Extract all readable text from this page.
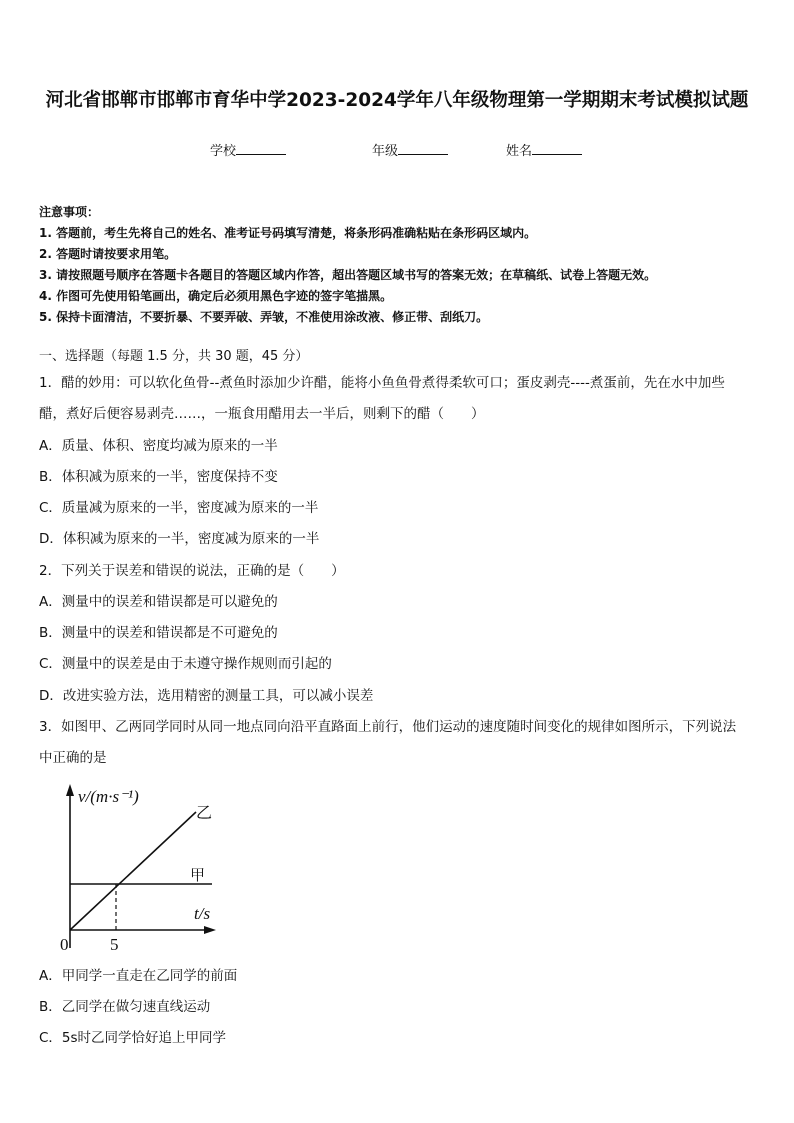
河北省邯郸市邯郸市育华中学2023-2024学年八年级物理第一学期期末考试模拟试题
学校	年级	姓名
注意事项：
1. 答题前，考生先将自己的姓名、准考证号码填写清楚，将条形码准确粘贴在条形码区域内。
2. 答题时请按要求用笔。
3. 请按照题号顺序在答题卡各题目的答题区域内作答，超出答题区域书写的答案无效；在草稿纸、试卷上答题无效。
4. 作图可先使用铅笔画出，确定后必须用黑色字迹的签字笔描黑。
5. 保持卡面清洁，不要折暴、不要弄破、弄皱，不准使用涂改液、修正带、刮纸刀。
一、选择题（每题 1.5 分，共 30 题，45 分）
1．醋的妙用：可以软化鱼骨--煮鱼时添加少许醋，能将小鱼鱼骨煮得柔软可口；蛋皮剥壳----煮蛋前，先在水中加些
醋，煮好后便容易剥壳……，一瓶食用醋用去一半后，则剩下的醋（　　）
A．质量、体积、密度均减为原来的一半
B．体积减为原来的一半，密度保持不变
C．质量减为原来的一半，密度减为原来的一半
D．体积减为原来的一半，密度减为原来的一半
2．下列关于误差和错误的说法，正确的是（　　）
A．测量中的误差和错误都是可以避免的
B．测量中的误差和错误都是不可避免的
C．测量中的误差是由于未遵守操作规则而引起的
D．改进实验方法，选用精密的测量工具，可以减小误差
3．如图甲、乙两同学同时从同一地点同向沿平直路面上前行，他们运动的速度随时间变化的规律如图所示，下列说法
中正确的是
v/(m·s⁻¹)
t/s
0 5
乙
甲
A．甲同学一直走在乙同学的前面
B．乙同学在做匀速直线运动
C．5s时乙同学恰好追上甲同学
